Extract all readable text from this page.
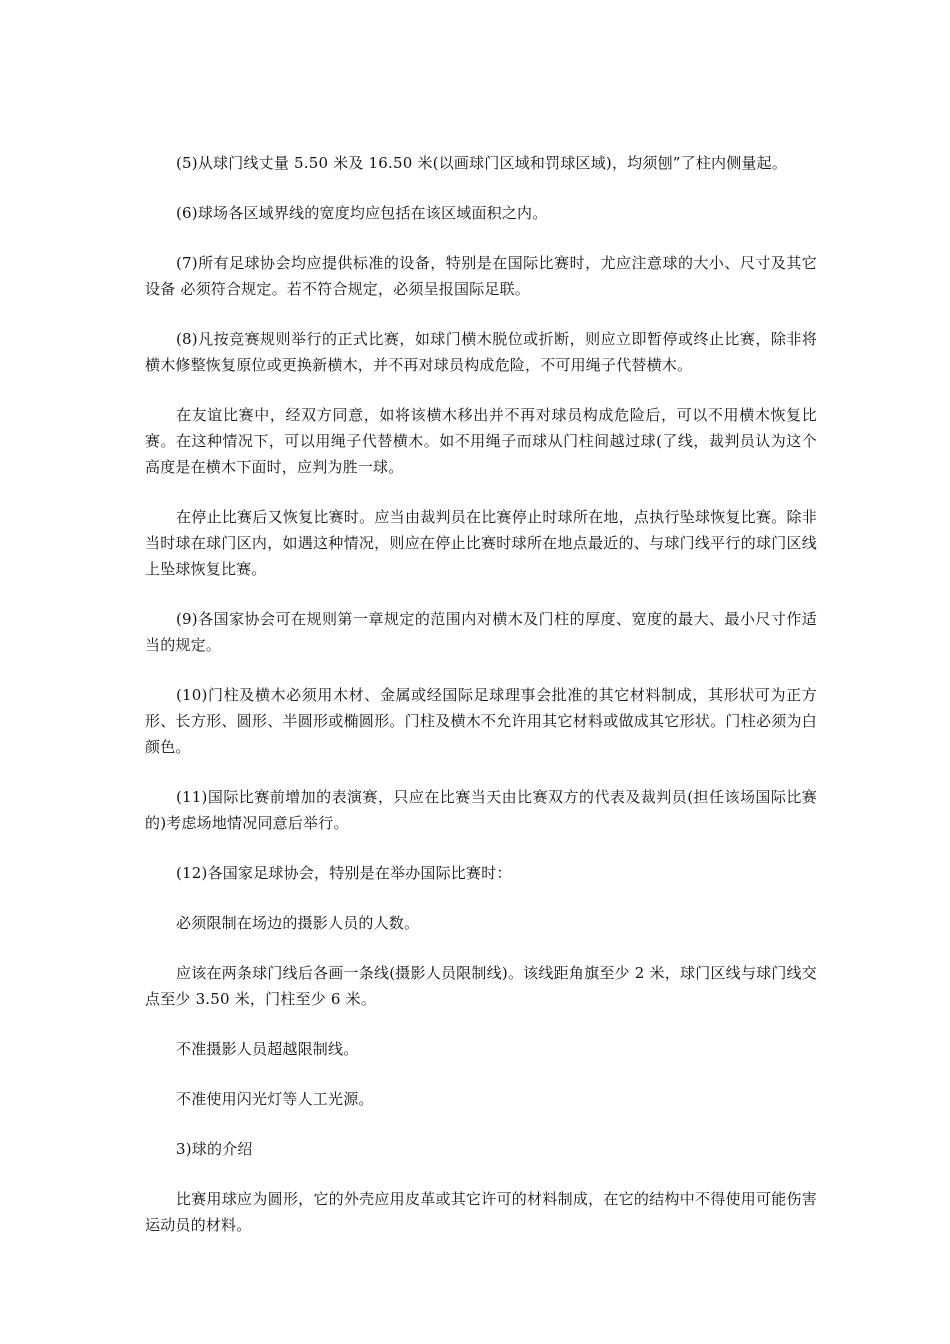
(5)从球门线丈量 5.50 米及 16.50 米(以画球门区域和罚球区域)，均须刨”了柱内侧量起。

(6)球场各区域界线的宽度均应包括在该区域面积之内。

(7)所有足球协会均应提供标准的设备，特别是在国际比赛时，尤应注意球的大小、尺寸及其它设备 必须符合规定。若不符合规定，必须呈报国际足联。

(8)凡按竞赛规则举行的正式比赛，如球门横木脱位或折断，则应立即暂停或终止比赛，除非将横木修整恢复原位或更换新横木，并不再对球员构成危险，不可用绳子代替横木。

在友谊比赛中，经双方同意，如将该横木移出并不再对球员构成危险后，可以不用横木恢复比赛。在这种情况下，可以用绳子代替横木。如不用绳子而球从门柱间越过球(了线，裁判员认为这个高度是在横木下面时，应判为胜一球。

在停止比赛后又恢复比赛时。应当由裁判员在比赛停止时球所在地，点执行坠球恢复比赛。除非当时球在球门区内，如遇这种情况，则应在停止比赛时球所在地点最近的、与球门线平行的球门区线上坠球恢复比赛。

(9)各国家协会可在规则第一章规定的范围内对横木及门柱的厚度、宽度的最大、最小尺寸作适当的规定。

(10)门柱及横木必须用木材、金属或经国际足球理事会批准的其它材料制成，其形状可为正方形、长方形、圆形、半圆形或椭圆形。门柱及横木不允许用其它材料或做成其它形状。门柱必须为白颜色。

(11)国际比赛前增加的表演赛，只应在比赛当天由比赛双方的代表及裁判员(担任该场国际比赛的)考虑场地情况同意后举行。

(12)各国家足球协会，特别是在举办国际比赛时：

必须限制在场边的摄影人员的人数。

应该在两条球门线后各画一条线(摄影人员限制线)。该线距角旗至少 2 米，球门区线与球门线交点至少 3.50 米，门柱至少 6 米。

不准摄影人员超越限制线。

不准使用闪光灯等人工光源。

3)球的介绍

比赛用球应为圆形，它的外壳应用皮革或其它许可的材料制成，在它的结构中不得使用可能伤害运动员的材料。
